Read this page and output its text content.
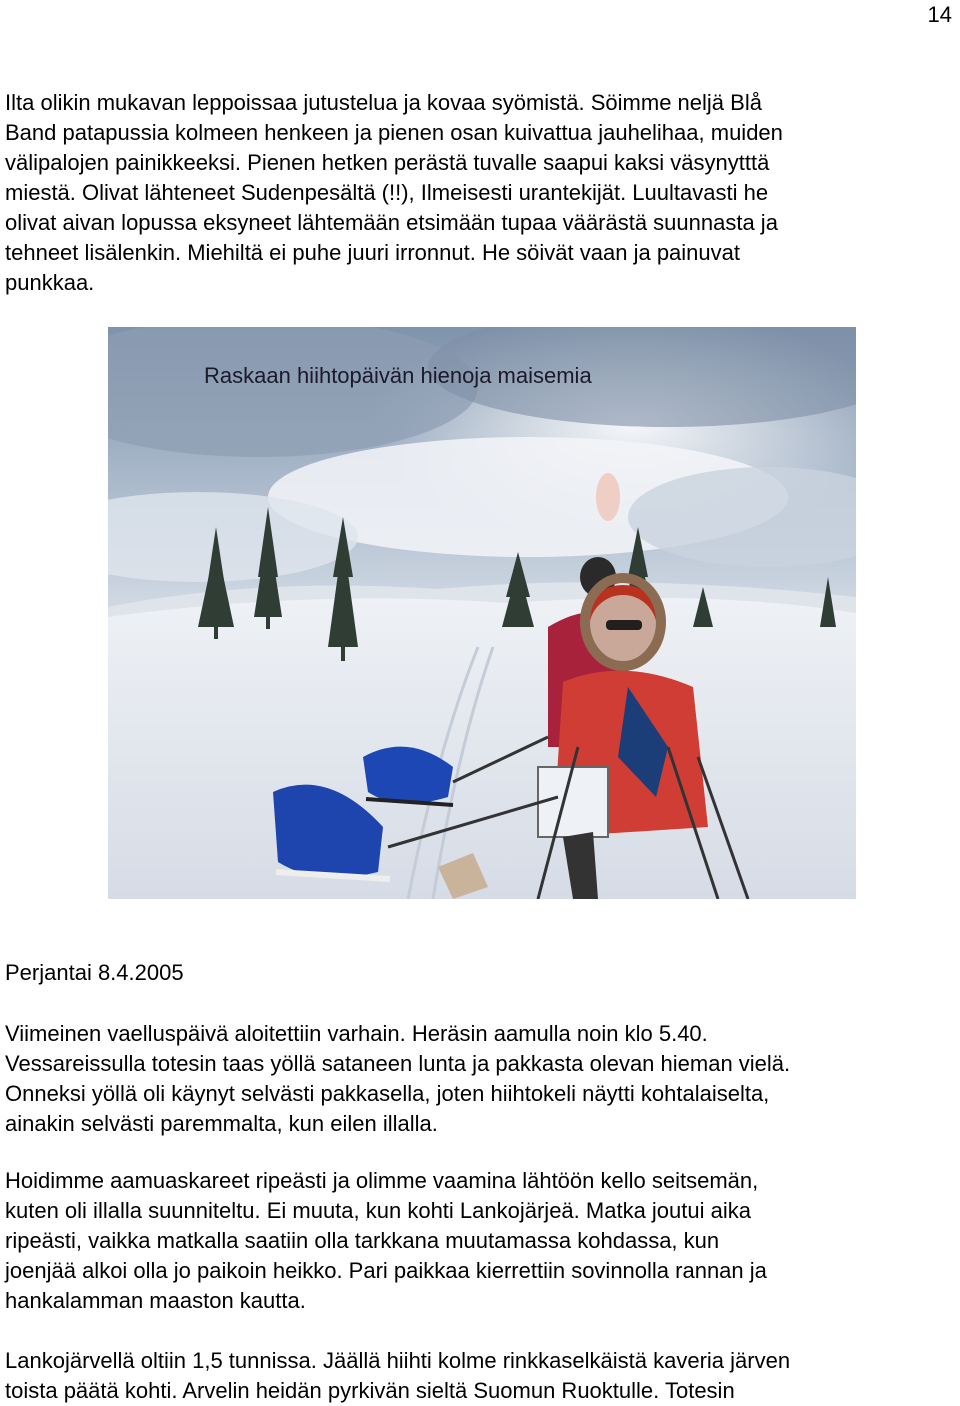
14
Ilta olikin mukavan leppoissaa jutustelua ja kovaa syömistä. Söimme neljä Blå
Band patapussia kolmeen henkeen ja pienen osan kuivattua jauhelihaa, muiden
välipalojen painikkeeksi. Pienen hetken perästä tuvalle saapui kaksi väsynytttä
miestä. Olivat lähteneet Sudenpesältä (!!), Ilmeisesti urantekijät. Luultavasti he
olivat aivan lopussa eksyneet lähtemään etsimään tupaa väärästä suunnasta ja
tehneet lisälenkin. Miehiltä ei puhe juuri irronnut. He söivät vaan ja painuvat
punkkaa.
Raskaan hiihtopäivän hienoja maisemia
Perjantai 8.4.2005
Viimeinen vaelluspäivä aloitettiin varhain. Heräsin aamulla noin klo 5.40.
Vessareissulla totesin taas yöllä sataneen lunta ja pakkasta olevan hieman vielä.
Onneksi yöllä oli käynyt selvästi pakkasella, joten hiihtokeli näytti kohtalaiselta,
ainakin selvästi paremmalta, kun eilen illalla.
Hoidimme aamuaskareet ripeästi ja olimme vaamina lähtöön kello seitsemän,
kuten oli illalla suunniteltu. Ei muuta, kun kohti Lankojärjeä. Matka joutui aika
ripeästi, vaikka matkalla saatiin olla tarkkana muutamassa kohdassa, kun
joenjää alkoi olla jo paikoin heikko. Pari paikkaa kierrettiin sovinnolla rannan ja
hankalamman maaston kautta.
Lankojärvellä oltiin 1,5 tunnissa. Jäällä hiihti kolme rinkkaselkäistä kaveria järven
toista päätä kohti. Arvelin heidän pyrkivän sieltä Suomun Ruoktulle. Totesin
